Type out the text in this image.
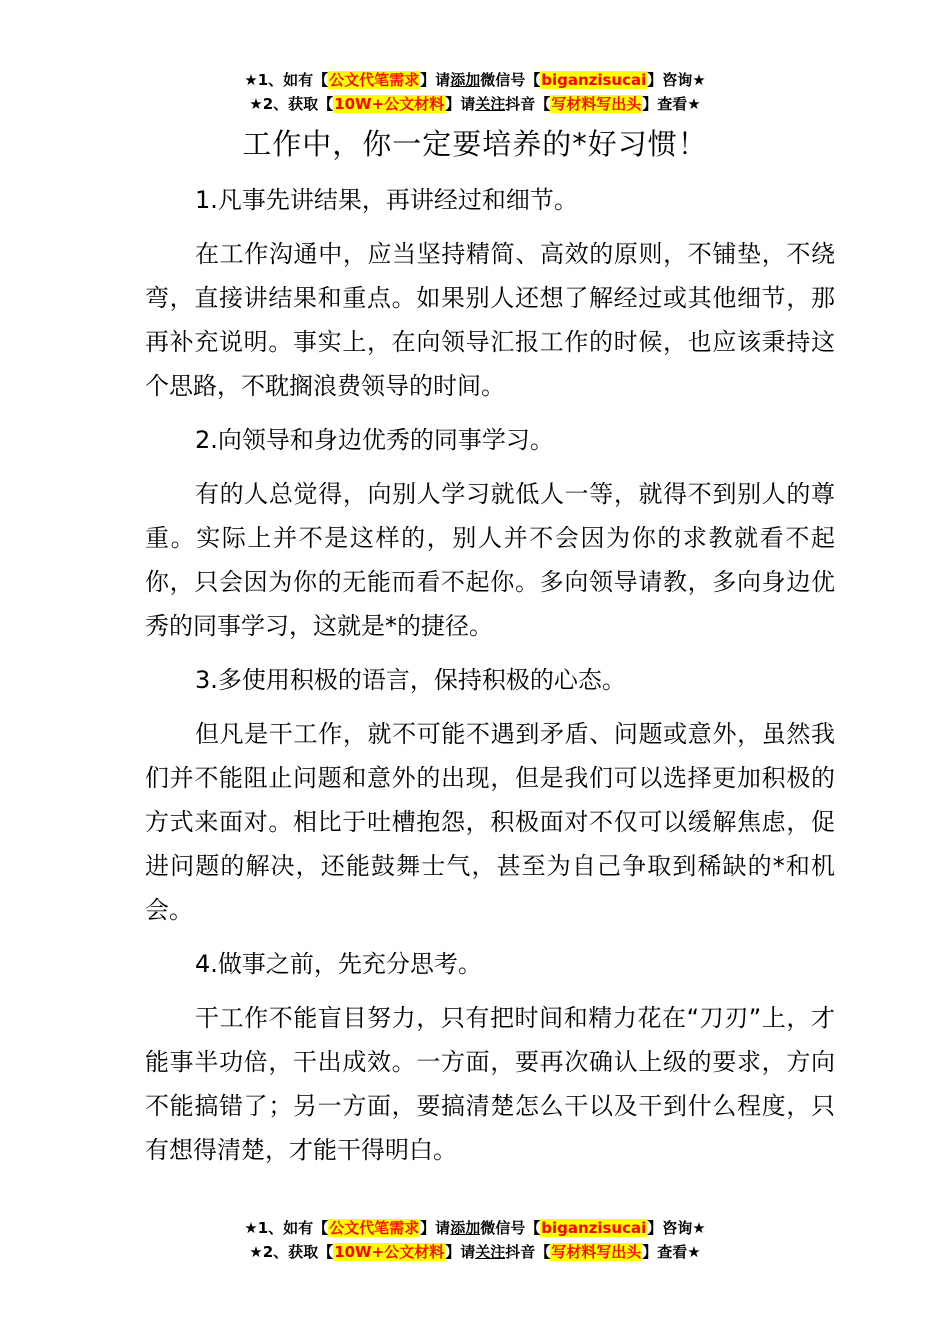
★1、如有【公文代笔需求】请添加微信号【biganzisucai】咨询★
★2、获取【10W+公文材料】请关注抖音【写材料写出头】查看★
工作中，你一定要培养的*好习惯！

1.凡事先讲结果，再讲经过和细节。

在工作沟通中，应当坚持精简、高效的原则，不铺垫，不绕弯，直接讲结果和重点。如果别人还想了解经过或其他细节，那再补充说明。事实上，在向领导汇报工作的时候，也应该秉持这个思路，不耽搁浪费领导的时间。

2.向领导和身边优秀的同事学习。

有的人总觉得，向别人学习就低人一等，就得不到别人的尊重。实际上并不是这样的，别人并不会因为你的求教就看不起你，只会因为你的无能而看不起你。多向领导请教，多向身边优秀的同事学习，这就是*的捷径。

3.多使用积极的语言，保持积极的心态。

但凡是干工作，就不可能不遇到矛盾、问题或意外，虽然我们并不能阻止问题和意外的出现，但是我们可以选择更加积极的方式来面对。相比于吐槽抱怨，积极面对不仅可以缓解焦虑，促进问题的解决，还能鼓舞士气，甚至为自己争取到稀缺的*和机会。

4.做事之前，先充分思考。

干工作不能盲目努力，只有把时间和精力花在“刀刃”上，才能事半功倍，干出成效。一方面，要再次确认上级的要求，方向不能搞错了；另一方面，要搞清楚怎么干以及干到什么程度，只有想得清楚，才能干得明白。

★1、如有【公文代笔需求】请添加微信号【biganzisucai】咨询★
★2、获取【10W+公文材料】请关注抖音【写材料写出头】查看★
